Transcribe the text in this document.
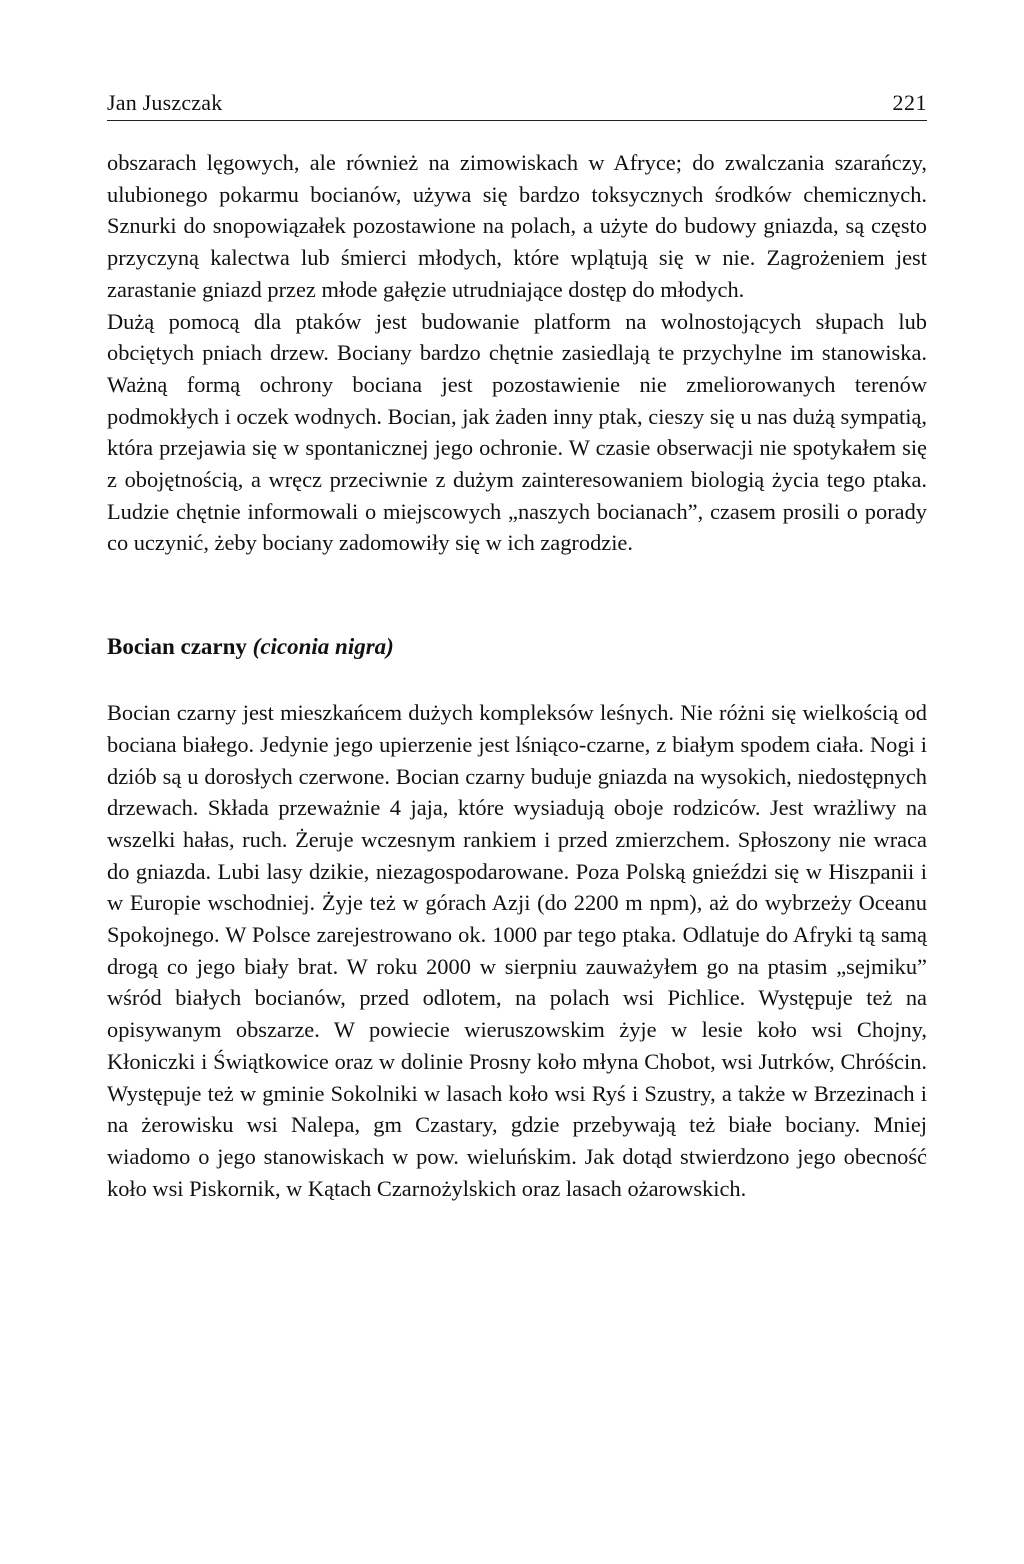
Jan Juszczak	221

obszarach lęgowych, ale również na zimowiskach w Afryce; do zwalczania szarańczy, ulubionego pokarmu bocianów, używa się bardzo toksycznych środków chemicznych. Sznurki do snopowiązałek pozostawione na polach, a użyte do budowy gniazda, są często przyczyną kalectwa lub śmierci młodych, które wplątują się w nie. Zagrożeniem jest zarastanie gniazd przez młode gałęzie utrudniające dostęp do młodych.

Dużą pomocą dla ptaków jest budowanie platform na wolnostojących słupach lub obciętych pniach drzew. Bociany bardzo chętnie zasiedlają te przychylne im stanowiska. Ważną formą ochrony bociana jest pozostawienie nie zmeliorowanych terenów podmokłych i oczek wodnych. Bocian, jak żaden inny ptak, cieszy się u nas dużą sympatią, która przejawia się w spontanicznej jego ochronie. W czasie obserwacji nie spotykałem się z obojętnością, a wręcz przeciwnie z dużym zainteresowaniem biologią życia tego ptaka. Ludzie chętnie informowali o miejscowych „naszych bocianach”, czasem prosili o porady co uczynić, żeby bociany zadomowiły się w ich zagrodzie.

Bocian czarny (ciconia nigra)

Bocian czarny jest mieszkańcem dużych kompleksów leśnych. Nie różni się wielkością od bociana białego. Jedynie jego upierzenie jest lśniąco-czarne, z białym spodem ciała. Nogi i dziób są u dorosłych czerwone. Bocian czarny buduje gniazda na wysokich, niedostępnych drzewach. Składa przeważnie 4 jaja, które wysiadują oboje rodziców. Jest wrażliwy na wszelki hałas, ruch. Żeruje wczesnym rankiem i przed zmierzchem. Spłoszony nie wraca do gniazda. Lubi lasy dzikie, niezagospodarowane. Poza Polską gnieździ się w Hiszpanii i w Europie wschodniej. Żyje też w górach Azji (do 2200 m npm), aż do wybrzeży Oceanu Spokojnego. W Polsce zarejestrowano ok. 1000 par tego ptaka. Odlatuje do Afryki tą samą drogą co jego biały brat. W roku 2000 w sierpniu zauważyłem go na ptasim „sejmiku” wśród białych bocianów, przed odlotem, na polach wsi Pichlice. Występuje też na opisywanym obszarze. W powiecie wieruszowskim żyje w lesie koło wsi Chojny, Kłoniczki i Świątkowice oraz w dolinie Prosny koło młyna Chobot, wsi Jutrków, Chróścin. Występuje też w gminie Sokolniki w lasach koło wsi Ryś i Szustry, a także w Brzezinach i na żerowisku wsi Nalepa, gm Czastary, gdzie przebywają też białe bociany. Mniej wiadomo o jego stanowiskach w pow. wieluńskim. Jak dotąd stwierdzono jego obecność koło wsi Piskornik, w Kątach Czarnożylskich oraz lasach ożarowskich.
